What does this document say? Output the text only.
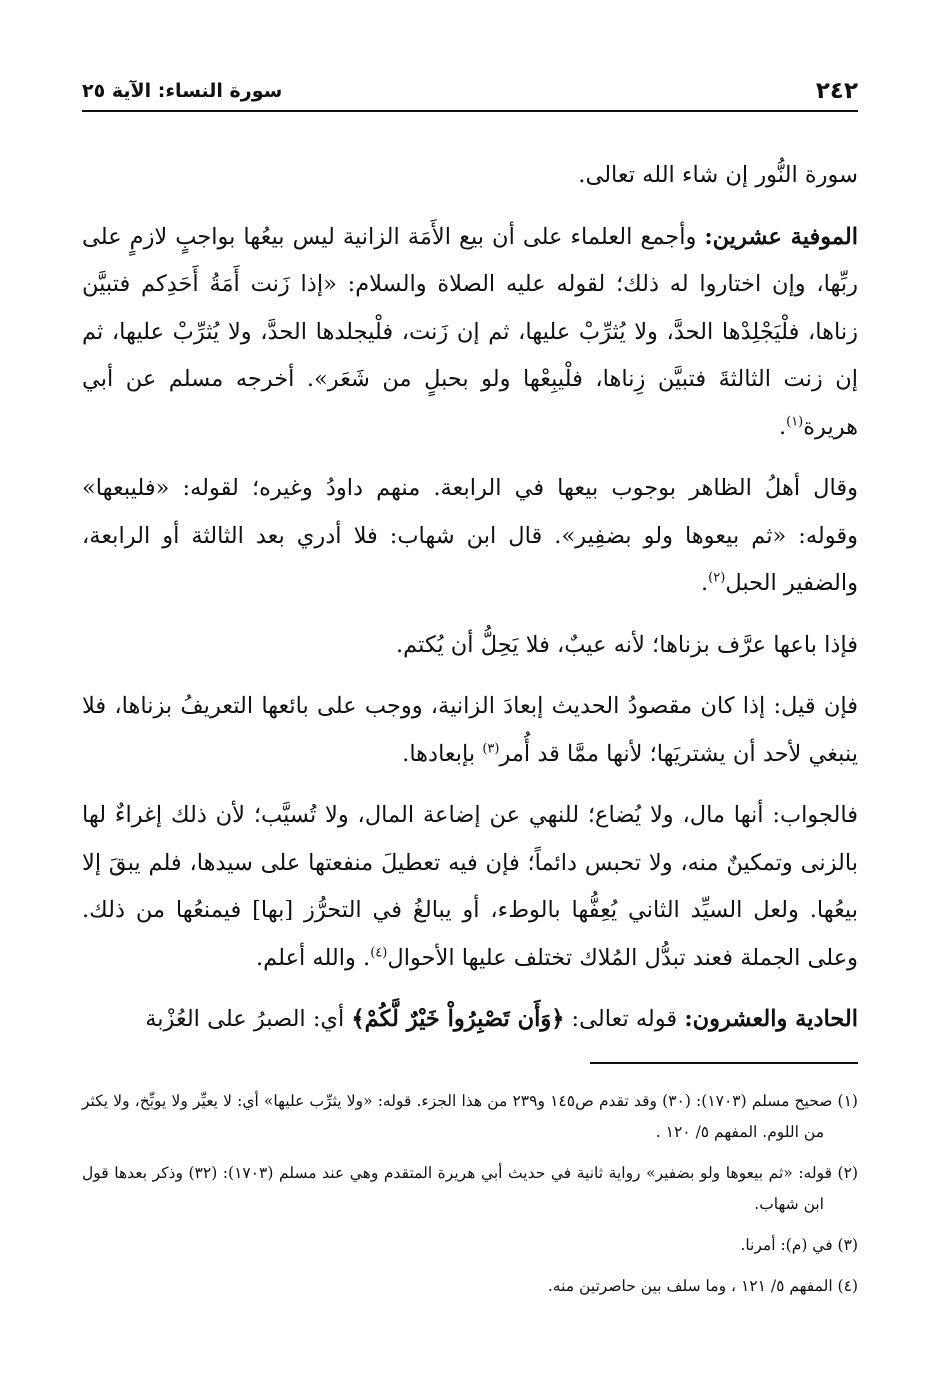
٢٤٢
سورة النساء: الآية ٢٥

سورة النُّور إن شاء الله تعالى.

الموفية عشرين: وأجمع العلماء على أن بيع الأَمَة الزانية ليس بيعُها بواجبٍ لازمٍ على ربِّها، وإن اختاروا له ذلك؛ لقوله عليه الصلاة والسلام: «إذا زَنت أَمَةُ أَحَدِكم فتبيَّن زناها، فلْيَجْلِدْها الحدَّ، ولا يُثرِّبْ عليها، ثم إن زَنت، فلْيجلدها الحدَّ، ولا يُثرِّبْ عليها، ثم إن زنت الثالثةَ فتبيَّن زِناها، فلْيبِعْها ولو بحبلٍ من شَعَر». أخرجه مسلم عن أبي هريرة$^{(١)}$.

وقال أهلُ الظاهر بوجوب بيعها في الرابعة. منهم داودُ وغيره؛ لقوله: «فليبعها» وقوله: «ثم بيعوها ولو بضفِير». قال ابن شهاب: فلا أدري بعد الثالثة أو الرابعة، والضفير الحبل$^{(٢)}$.

فإذا باعها عرَّف بزناها؛ لأنه عيبٌ، فلا يَحِلُّ أن يُكتم.

فإن قيل: إذا كان مقصودُ الحديث إبعادَ الزانية، ووجب على بائعها التعريفُ بزناها، فلا ينبغي لأحد أن يشتريَها؛ لأنها ممَّا قد أُمر$^{(٣)}$ بإبعادها.

فالجواب: أنها مال، ولا يُضاع؛ للنهي عن إضاعة المال، ولا تُسيَّب؛ لأن ذلك إغراءٌ لها بالزنى وتمكينٌ منه، ولا تحبس دائماً؛ فإن فيه تعطيلَ منفعتها على سيدها، فلم يبقَ إلا بيعُها. ولعل السيِّد الثاني يُعِفُّها بالوطء، أو يبالغُ في التحرُّز [بها] فيمنعُها من ذلك. وعلى الجملة فعند تبدُّل المُلاك تختلف عليها الأحوال$^{(٤)}$. والله أعلم.

الحادية والعشرون: قوله تعالى: ﴿وَأَن تَصْبِرُواْ خَيْرٌ لَّكُمْ﴾ أي: الصبرُ على العُزْبة

(١) صحيح مسلم (١٧٠٣): (٣٠) وقد تقدم ص١٤٥ و٢٣٩ من هذا الجزء. قوله: «ولا يثرِّب عليها» أي: لا يعيِّر ولا يوبِّخ، ولا يكثر من اللوم. المفهم ٥/ ١٢٠ .

(٢) قوله: «ثم بيعوها ولو بضفير» رواية ثانية في حديث أبي هريرة المتقدم وهي عند مسلم (١٧٠٣): (٣٢) وذكر بعدها قول ابن شهاب.

(٣) في (م): أمرنا.

(٤) المفهم ٥/ ١٢١ ، وما سلف بين حاصرتين منه.
